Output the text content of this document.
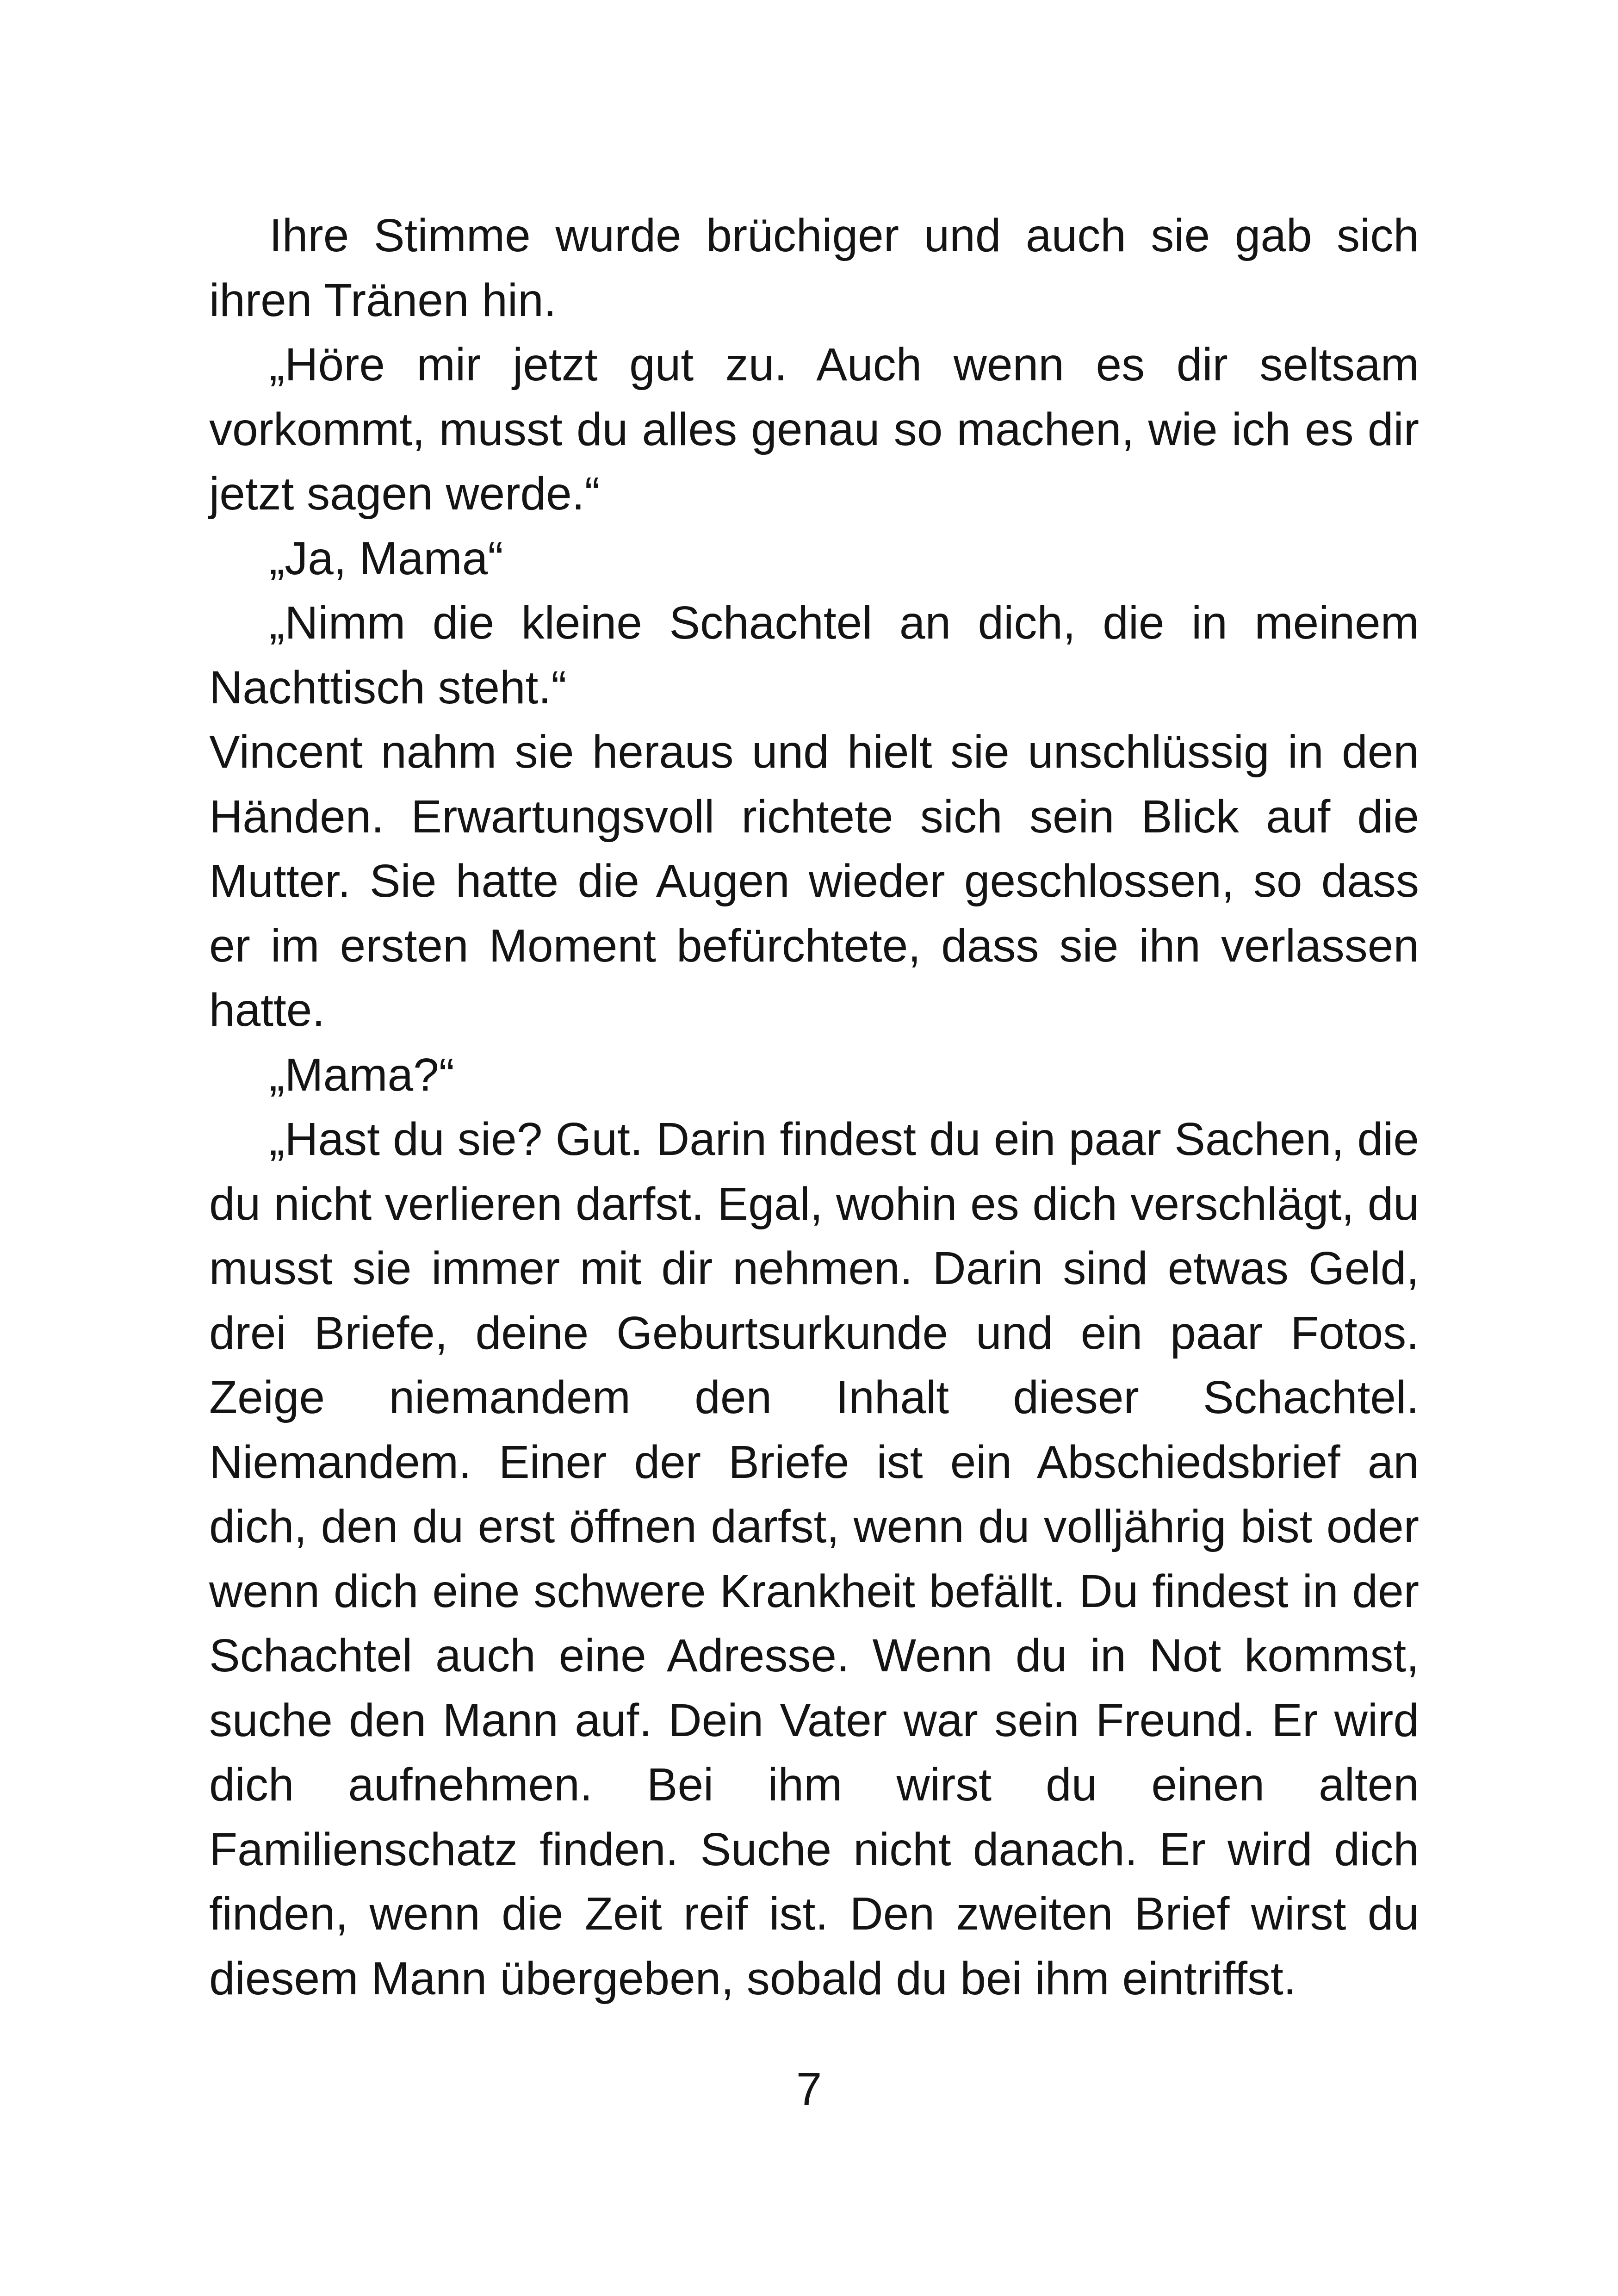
Ihre Stimme wurde brüchiger und auch sie gab sich ihren Tränen hin.

„Höre mir jetzt gut zu. Auch wenn es dir seltsam vorkommt, musst du alles genau so machen, wie ich es dir jetzt sagen werde.“

„Ja, Mama“

„Nimm die kleine Schachtel an dich, die in meinem Nachttisch steht.“

Vincent nahm sie heraus und hielt sie unschlüssig in den Händen. Erwartungsvoll richtete sich sein Blick auf die Mutter. Sie hatte die Augen wieder geschlossen, so dass er im ersten Moment befürchtete, dass sie ihn verlassen hatte.

„Mama?“

„Hast du sie? Gut. Darin findest du ein paar Sachen, die du nicht verlieren darfst. Egal, wohin es dich verschlägt, du musst sie immer mit dir nehmen. Darin sind etwas Geld, drei Briefe, deine Geburtsurkunde und ein paar Fotos. Zeige niemandem den Inhalt dieser Schachtel. Niemandem. Einer der Briefe ist ein Abschiedsbrief an dich, den du erst öffnen darfst, wenn du volljährig bist oder wenn dich eine schwere Krankheit befällt. Du findest in der Schachtel auch eine Adresse. Wenn du in Not kommst, suche den Mann auf. Dein Vater war sein Freund. Er wird dich aufnehmen. Bei ihm wirst du einen alten Familienschatz finden. Suche nicht danach. Er wird dich finden, wenn die Zeit reif ist. Den zweiten Brief wirst du diesem Mann übergeben, sobald du bei ihm eintriffst.

7
